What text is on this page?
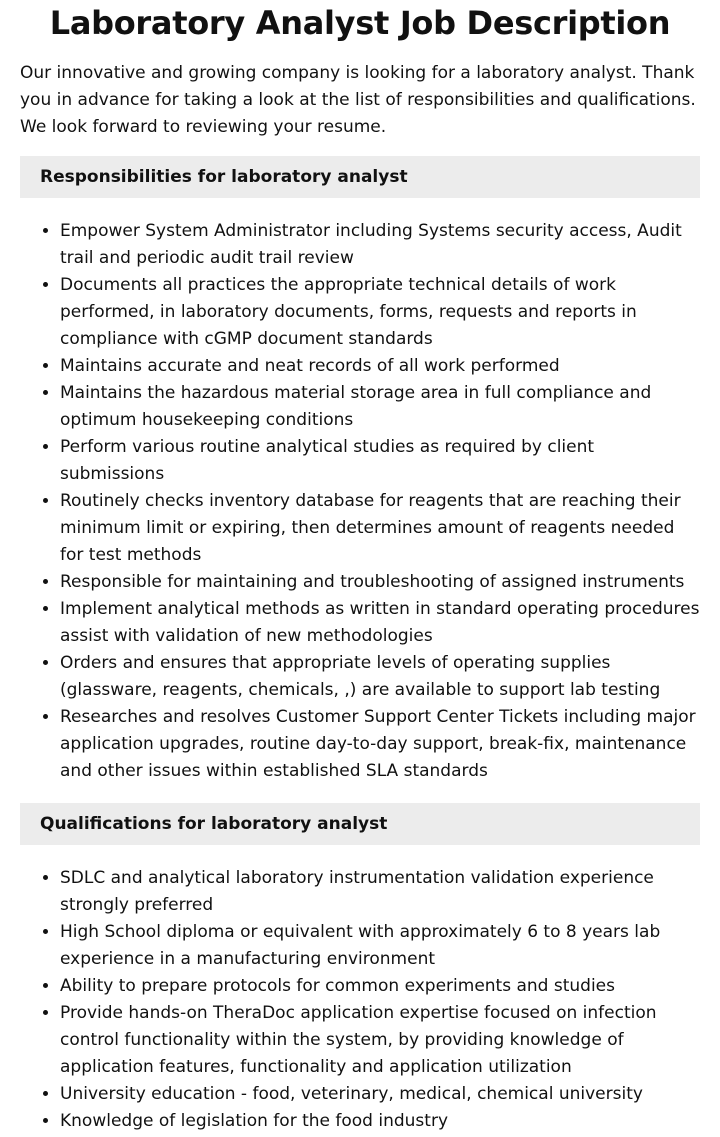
Laboratory Analyst Job Description

Our innovative and growing company is looking for a laboratory analyst. Thank you in advance for taking a look at the list of responsibilities and qualifications. We look forward to reviewing your resume.

Responsibilities for laboratory analyst
• Empower System Administrator including Systems security access, Audit trail and periodic audit trail review
• Documents all practices the appropriate technical details of work performed, in laboratory documents, forms, requests and reports in compliance with cGMP document standards
• Maintains accurate and neat records of all work performed
• Maintains the hazardous material storage area in full compliance and optimum housekeeping conditions
• Perform various routine analytical studies as required by client submissions
• Routinely checks inventory database for reagents that are reaching their minimum limit or expiring, then determines amount of reagents needed for test methods
• Responsible for maintaining and troubleshooting of assigned instruments
• Implement analytical methods as written in standard operating procedures assist with validation of new methodologies
• Orders and ensures that appropriate levels of operating supplies (glassware, reagents, chemicals, ,) are available to support lab testing
• Researches and resolves Customer Support Center Tickets including major application upgrades, routine day-to-day support, break-fix, maintenance and other issues within established SLA standards
Qualifications for laboratory analyst
• SDLC and analytical laboratory instrumentation validation experience strongly preferred
• High School diploma or equivalent with approximately 6 to 8 years lab experience in a manufacturing environment
• Ability to prepare protocols for common experiments and studies
• Provide hands-on TheraDoc application expertise focused on infection control functionality within the system, by providing knowledge of application features, functionality and application utilization
• University education - food, veterinary, medical, chemical university
• Knowledge of legislation for the food industry
